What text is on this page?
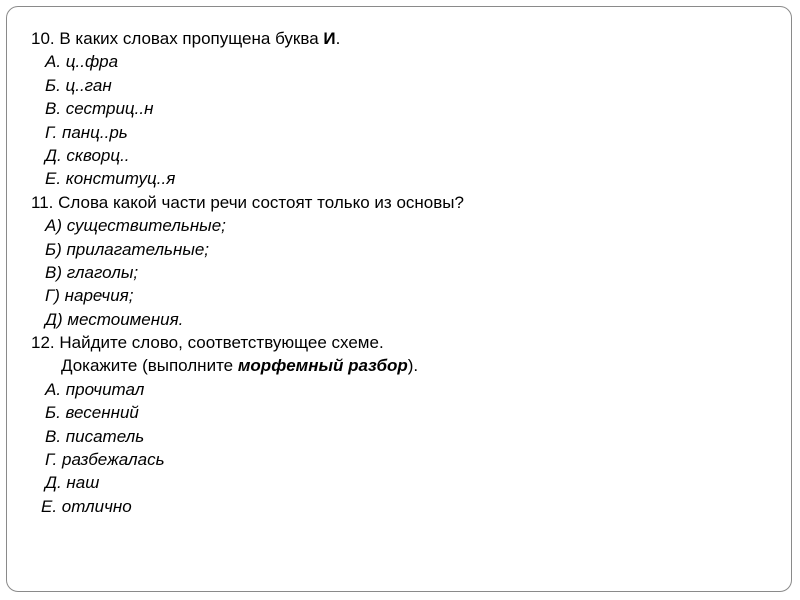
10. В каких словах пропущена буква И.
А. ц..фра
Б. ц..ган
В. сестриц..н
Г. панц..рь
Д. скворц..
Е. конституц..я
11. Слова какой части речи состоят только из основы?
А) существительные;
Б) прилагательные;
В) глаголы;
Г) наречия;
Д) местоимения.
12. Найдите слово, соответствующее схеме.
Докажите (выполните морфемный разбор).
А. прочитал
Б. весенний
В. писатель
Г. разбежалась
Д. наш
Е. отлично
